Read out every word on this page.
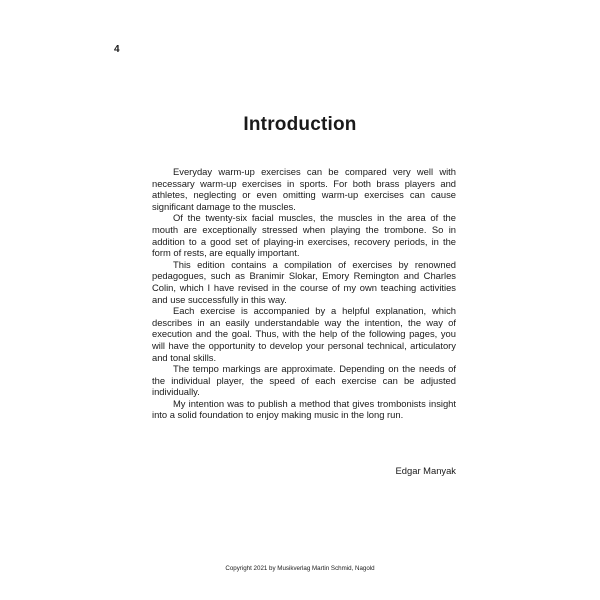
4
Introduction

Everyday warm-up exercises can be compared very well with necessary warm-up exercises in sports. For both brass players and athletes, neglecting or even omitting warm-up exercises can cause significant damage to the muscles.

Of the twenty-six facial muscles, the muscles in the area of the mouth are exceptionally stressed when playing the trombone. So in addition to a good set of playing-in exercises, recovery periods, in the form of rests, are equally important.

This edition contains a compilation of exercises by renowned pedagogues, such as Branimir Slokar, Emory Remington and Charles Colin, which I have revised in the course of my own teaching activities and use successfully in this way.

Each exercise is accompanied by a helpful explanation, which describes in an easily understandable way the intention, the way of execution and the goal. Thus, with the help of the following pages, you will have the opportunity to develop your personal technical, articulatory and tonal skills.

The tempo markings are approximate. Depending on the needs of the individual player, the speed of each exercise can be adjusted individually.

My intention was to publish a method that gives trombonists insight into a solid foundation to enjoy making music in the long run.

Edgar Manyak
Copyright 2021 by Musikverlag Martin Schmid, Nagold
